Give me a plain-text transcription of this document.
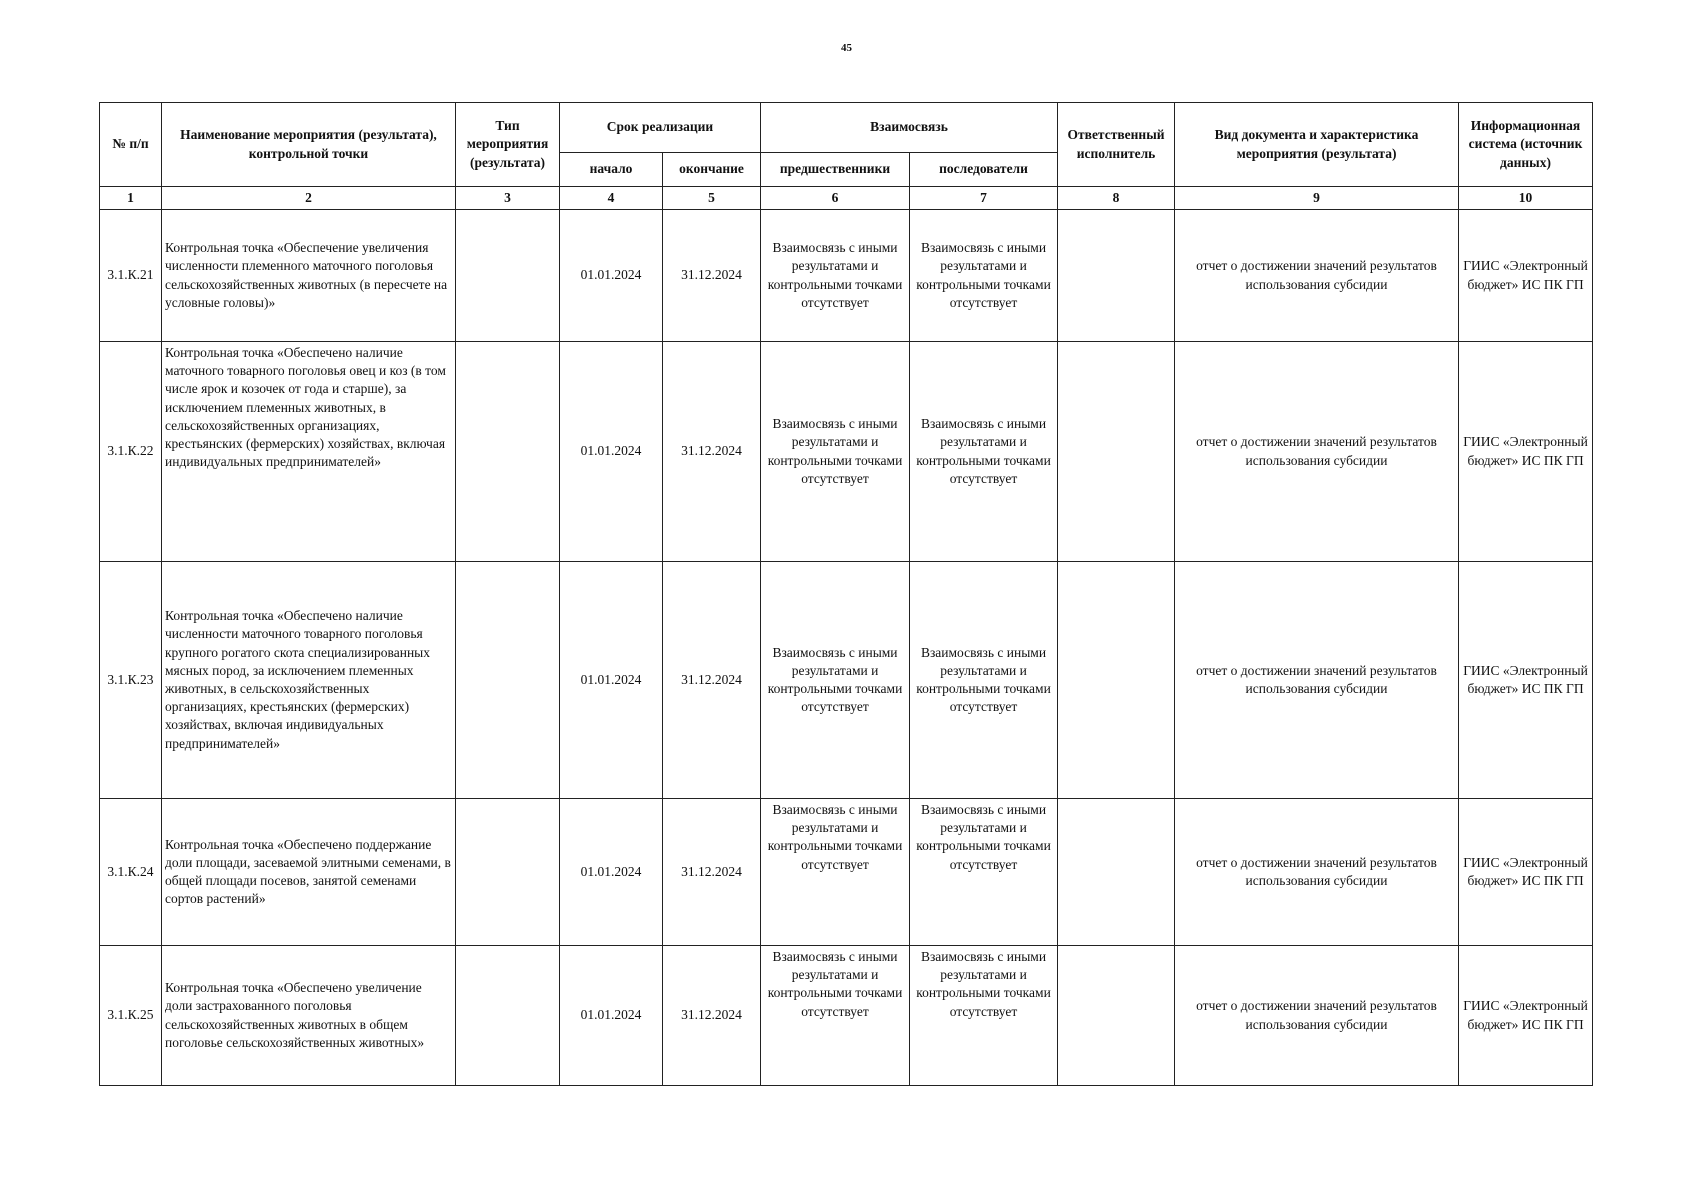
45
№ п/п	Наименование мероприятия (результата), контрольной точки	Тип мероприятия (результата)	Срок реализации		Взаимосвязь		Ответственный исполнитель	Вид документа и характеристика мероприятия (результата)	Информационная система (источник данных)
			начало	окончание	предшественники	последователи			
1	2	3	4	5	6	7	8	9	10
3.1.К.21	Контрольная точка «Обеспечение увеличения численности племенного маточного поголовья сельскохозяйственных животных (в пересчете на условные головы)»		01.01.2024	31.12.2024	Взаимосвязь с иными результатами и контрольными точками отсутствует	Взаимосвязь с иными результатами и контрольными точками отсутствует		отчет о достижении значений результатов использования субсидии	ГИИС «Электронный бюджет» ИС ПК ГП
3.1.К.22	Контрольная точка «Обеспечено наличие маточного товарного поголовья овец и коз (в том числе ярок и козочек от года и старше), за исключением племенных животных, в сельскохозяйственных организациях, крестьянских (фермерских) хозяйствах, включая индивидуальных предпринимателей»		01.01.2024	31.12.2024	Взаимосвязь с иными результатами и контрольными точками отсутствует	Взаимосвязь с иными результатами и контрольными точками отсутствует		отчет о достижении значений результатов использования субсидии	ГИИС «Электронный бюджет» ИС ПК ГП
3.1.К.23	Контрольная точка «Обеспечено наличие численности маточного товарного поголовья крупного рогатого скота специализированных мясных пород, за исключением племенных животных, в сельскохозяйственных организациях, крестьянских (фермерских) хозяйствах, включая индивидуальных предпринимателей»		01.01.2024	31.12.2024	Взаимосвязь с иными результатами и контрольными точками отсутствует	Взаимосвязь с иными результатами и контрольными точками отсутствует		отчет о достижении значений результатов использования субсидии	ГИИС «Электронный бюджет» ИС ПК ГП
3.1.К.24	Контрольная точка «Обеспечено поддержание доли площади, засеваемой элитными семенами, в общей площади посевов, занятой семенами сортов растений»		01.01.2024	31.12.2024	Взаимосвязь с иными результатами и контрольными точками отсутствует	Взаимосвязь с иными результатами и контрольными точками отсутствует		отчет о достижении значений результатов использования субсидии	ГИИС «Электронный бюджет» ИС ПК ГП
3.1.К.25	Контрольная точка «Обеспечено увеличение доли застрахованного поголовья сельскохозяйственных животных в общем поголовье сельскохозяйственных животных»		01.01.2024	31.12.2024	Взаимосвязь с иными результатами и контрольными точками отсутствует	Взаимосвязь с иными результатами и контрольными точками отсутствует		отчет о достижении значений результатов использования субсидии	ГИИС «Электронный бюджет» ИС ПК ГП
